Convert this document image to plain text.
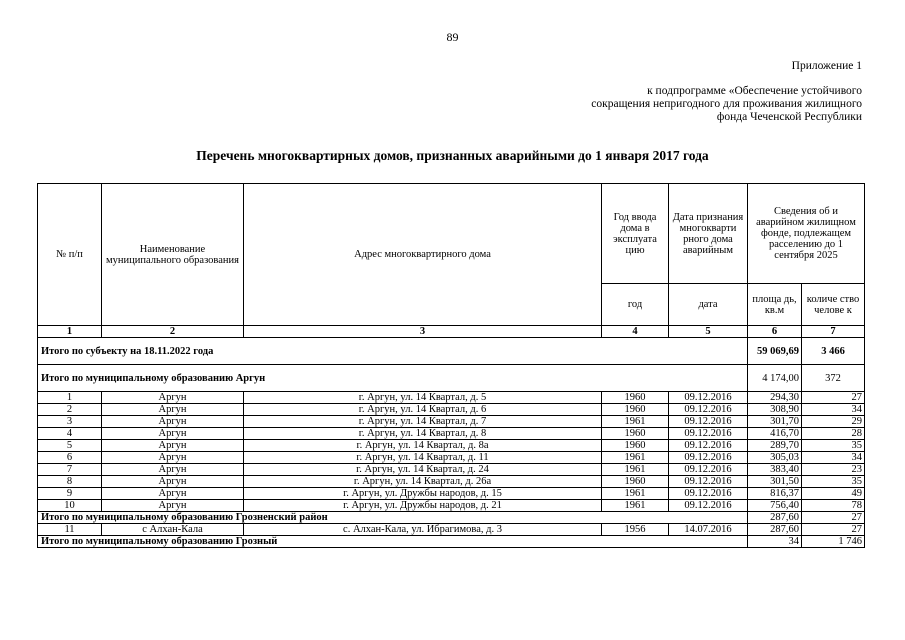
89
Приложение 1
к подпрограмме «Обеспечение устойчивого
сокращения непригодного для проживания жилищного
фонда Чеченской Республики
Перечень многоквартирных домов, признанных аварийными до 1 января 2017 года
№ п/п	Наименование муниципального образования	Адрес многоквартирного дома	Год ввода дома в эксплуата цию	Дата признания многокварти рного дома аварийным	Сведения об и аварийном жилищном фонде, подлежащем расселению до 1 сентября 2025	
			год	дата	площа дь, кв.м	количе ство челове к
1	2	3	4	5	6	7
Итого по субъекту на 18.11.2022 года					59 069,69	3 466
Итого по муниципальному образованию Аргун					4 174,00	372
1	Аргун	г. Аргун, ул. 14 Квартал, д. 5	1960	09.12.2016	294,30	27
2	Аргун	г. Аргун, ул. 14 Квартал, д. 6	1960	09.12.2016	308,90	34
3	Аргун	г. Аргун, ул. 14 Квартал, д. 7	1961	09.12.2016	301,70	29
4	Аргун	г. Аргун, ул. 14 Квартал, д. 8	1960	09.12.2016	416,70	28
5	Аргун	г. Аргун, ул. 14 Квартал, д. 8а	1960	09.12.2016	289,70	35
6	Аргун	г. Аргун, ул. 14 Квартал, д. 11	1961	09.12.2016	305,03	34
7	Аргун	г. Аргун, ул. 14 Квартал, д. 24	1961	09.12.2016	383,40	23
8	Аргун	г. Аргун, ул. 14 Квартал, д. 26а	1960	09.12.2016	301,50	35
9	Аргун	г. Аргун, ул. Дружбы народов, д. 15	1961	09.12.2016	816,37	49
10	Аргун	г. Аргун, ул. Дружбы народов, д. 21	1961	09.12.2016	756,40	78
Итого по муниципальному образованию Грозненский район					287,60	27
11	с Алхан-Кала	с. Алхан-Кала, ул. Ибрагимова, д. 3	1956	14.07.2016	287,60	27
Итого по муниципальному образованию Грозный					34	1 746
